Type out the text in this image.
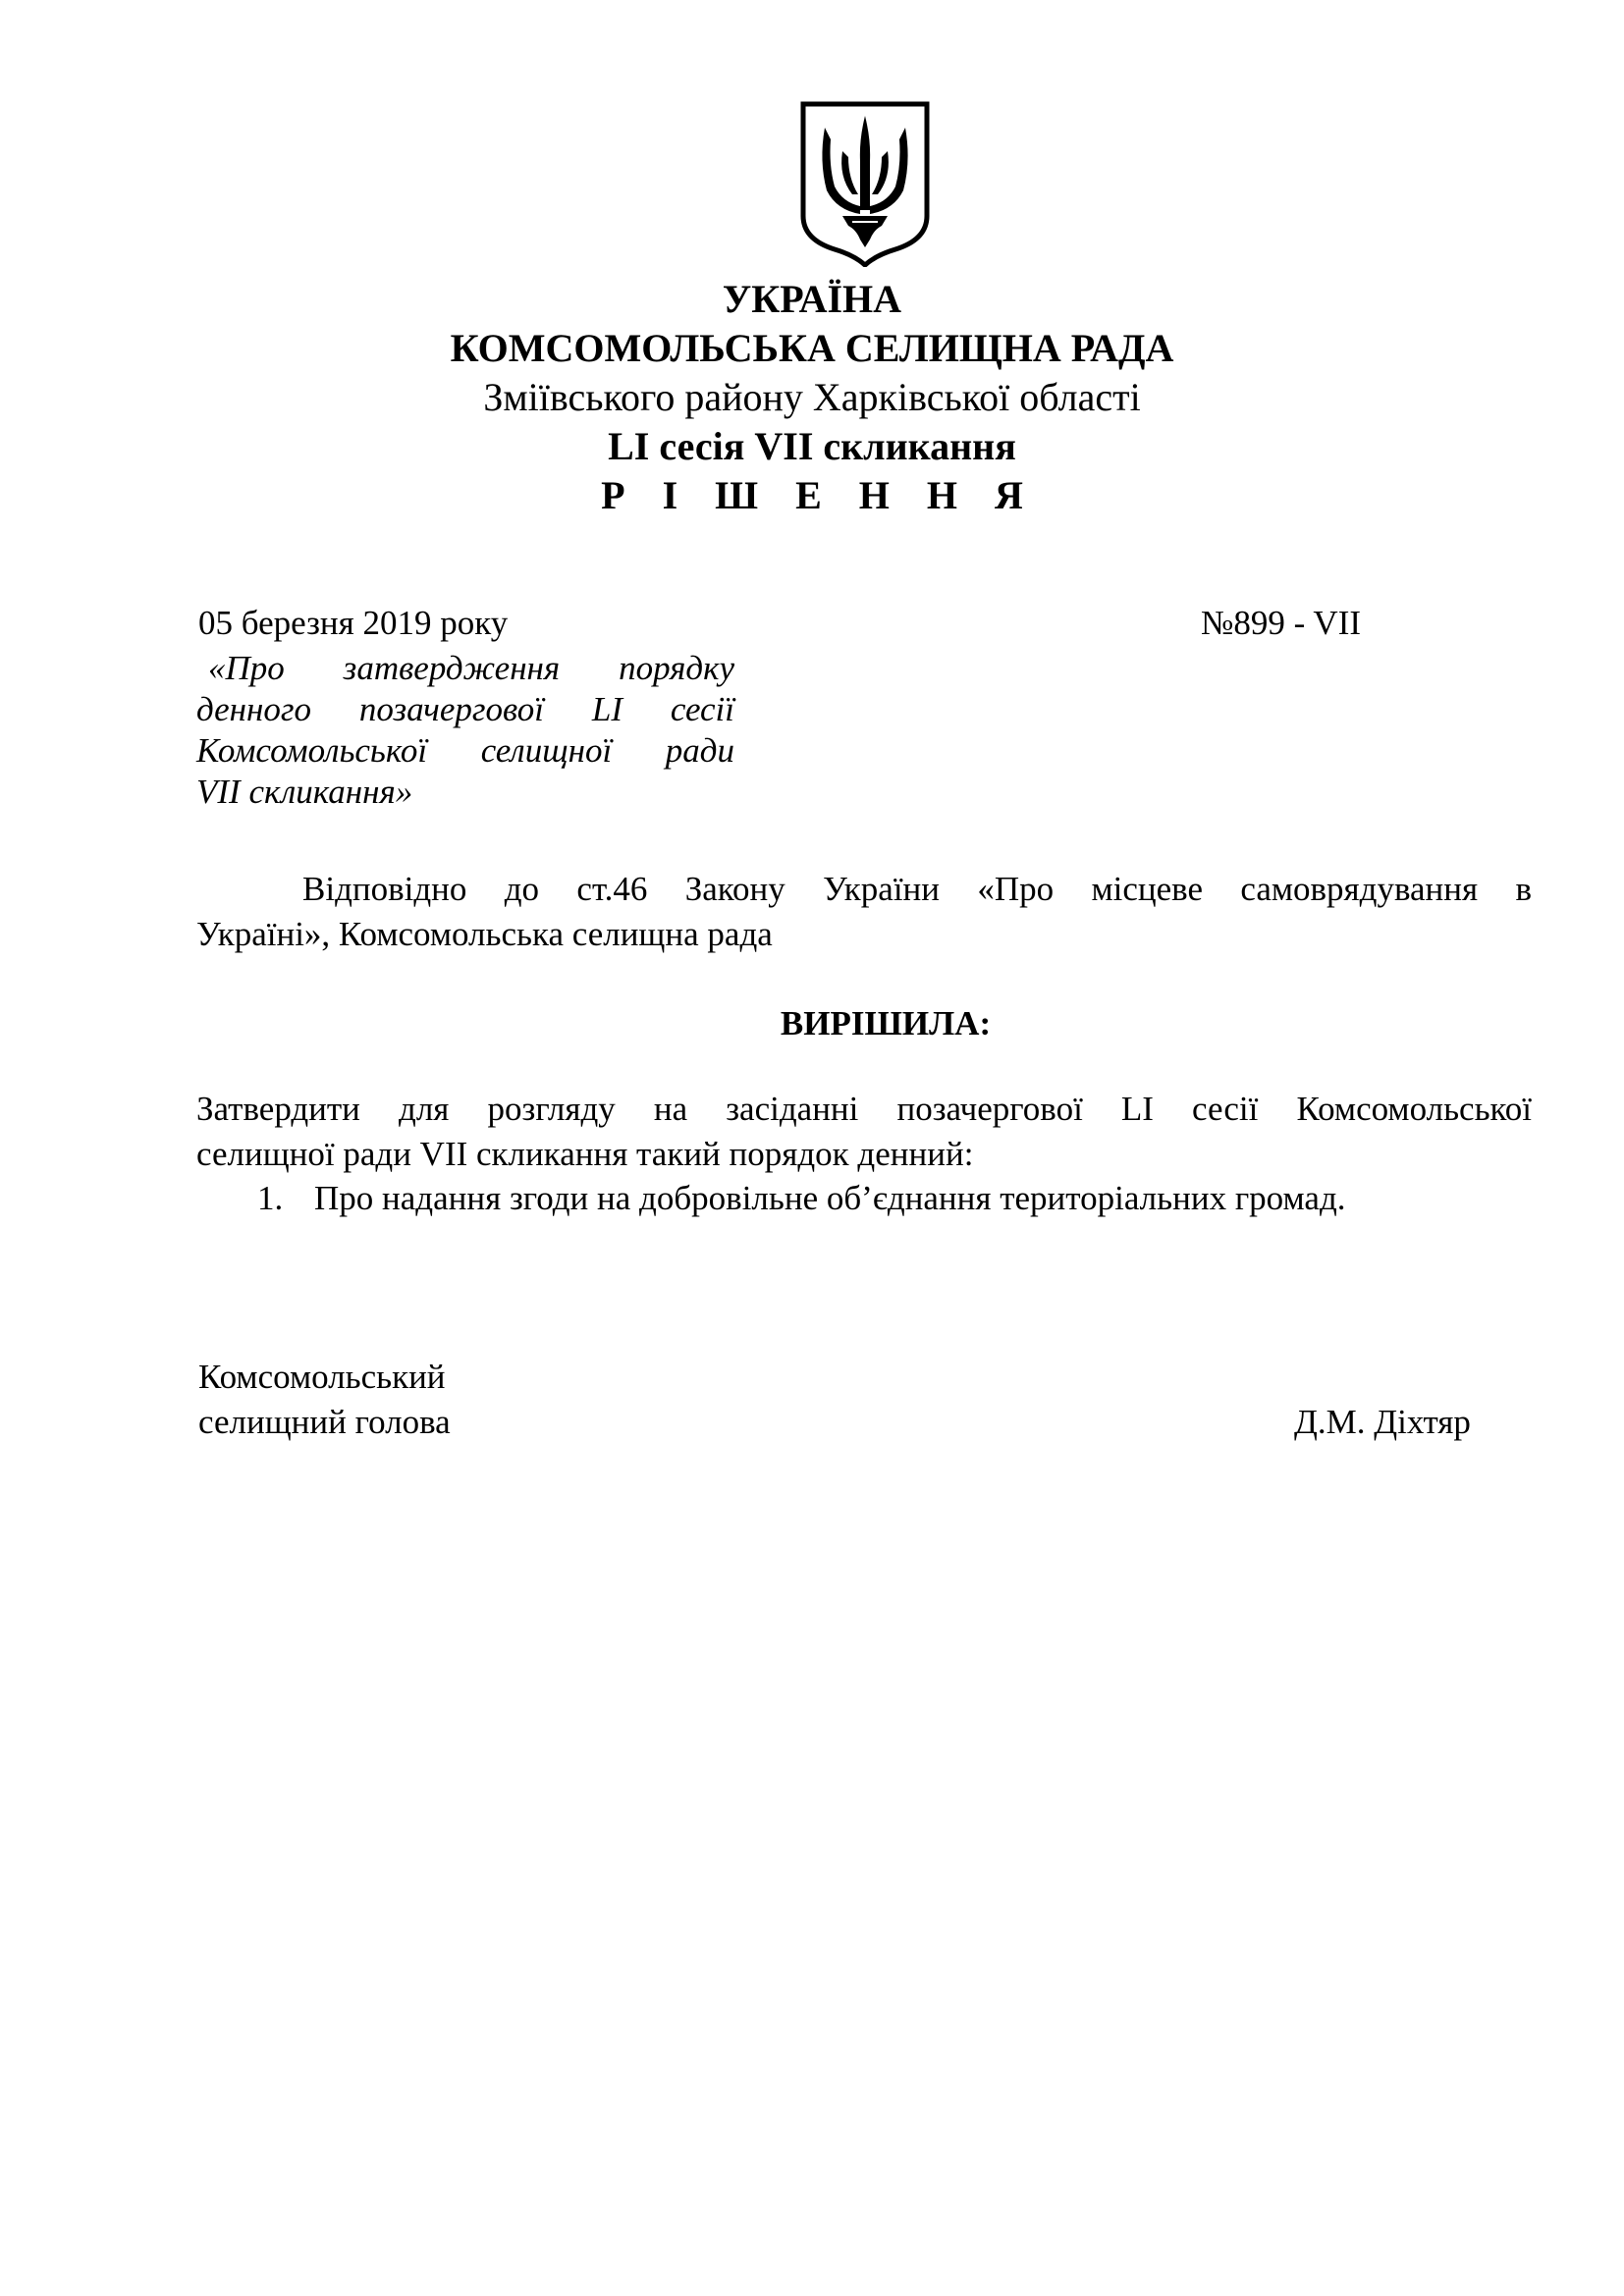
УКРАЇНА
КОМСОМОЛЬСЬКА СЕЛИЩНА РАДА
Зміївського району Харківської області
LI сесія VII скликання
Р І Ш Е Н Н Я
05 березня 2019 року	№899 - VII
«Про затвердження порядку
денного позачергової LI сесії
Комсомольської селищної ради
VII скликання»
Відповідно до ст.46 Закону України «Про місцеве самоврядування в
Україні», Комсомольська селищна рада
ВИРІШИЛА:
Затвердити для розгляду на засіданні позачергової LI сесії Комсомольської
селищної ради VII скликання такий порядок денний:
1. Про надання згоди на добровільне об’єднання територіальних громад.
Комсомольський
селищний голова	Д.М. Діхтяр
